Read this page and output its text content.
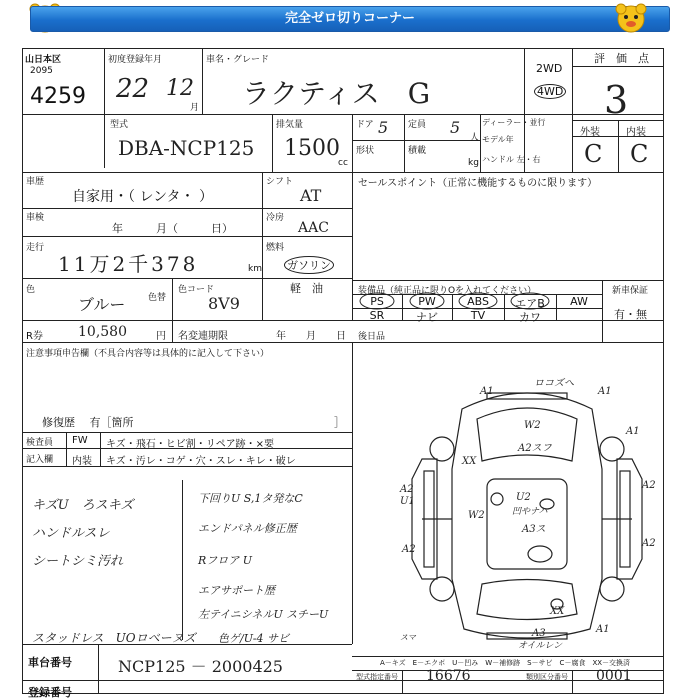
完全ゼロ切りコーナー
山日本区
2095
4259
初度登録年月
22 12
月
車名・グレード
ラクティス　G
2WD
4WD
評　価　点
3
型式
DBA-NCP125
排気量
1500
cc
ドア 5 定員 5
人
形状	積載
kg
ディーラー・並行
モデル年
ハンドル 左・右
外装	内装
C C
車歴
自家用・（ レンタ・ ）
車検
年　　　月（　　　日）
走行
11万2千378	km
色
ブルー	色替
色コード
8V9
R券	10,580	円 名変連期限	年　　月　　日
シフト
AT
冷房
AAC
燃料
ガソリン
軽　油
セールスポイント（正常に機能するものに限ります）
装備品（純正品に限りOを入れてください）	新車保証
有・無
PS	PW	ABS	エアB	AW
SR	ナビ	TV	カワ
後日品
注意事項申告欄（不具合内容等は具体的に記入して下さい）
修復歴　 有［箇所	］
検査員
記入欄
FW キズ・飛石・ヒビ割・リペア跡・×要
内装 キズ・汚レ・コゲ・穴・スレ・キレ・破レ
キズU　ろスキズ
ハンドルスレ
シートシミ汚れ
スタッドレス　UOロベーヌズ
下回りU S,1タ発なC
エンドパネル修正歴
Rフロア U
エアサポート歴
左テイニシネルU スチーU
色ゲ/U-4 サビ
ロコズへ
A1	A1
W2
A2スフ
A1
XX
A2
U1
A2
W2
U2
凹やナハ
A3ス
A2
A2
XX
A3	A1
オイルレン
スマ
A－キズ　E－エクボ　U－凹み　W－補修跡　S－サビ　C－腐食　XX－交換済
車台番号	NCP125 － 2000425
登録番号
型式指定番号 16676	類別区分番号 0001
